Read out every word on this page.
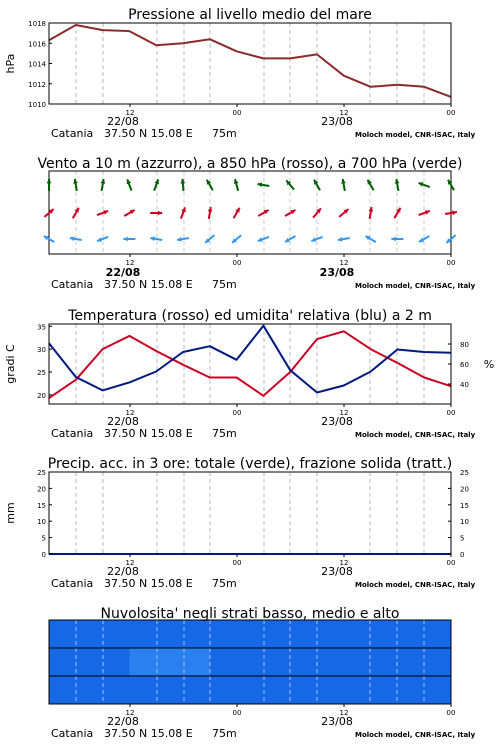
1010
1012
1014
1016
1018
hPa
Pressione al livello medio del mare
12	00	12	00
22/08	23/08
Catania 37.50 N 15.08 E 75m	Moloch model, CNR-ISAC, Italy
Vento a 10 m (azzurro), a 850 hPa (rosso), a 700 hPa (verde)
12	00	12	00
22/08	23/08
Catania 37.50 N 15.08 E 75m	Moloch model, CNR-ISAC, Italy
20
25
30
35
40
60
80
gradi C	%
Temperatura (rosso) ed umidita' relativa (blu) a 2 m
12	00	12	00
22/08	23/08
Catania 37.50 N 15.08 E 75m	Moloch model, CNR-ISAC, Italy
0
5
10
15
20
25
0
5
10
15
20
25
mm
Precip. acc. in 3 ore: totale (verde), frazione solida (tratt.)
12	00	12	00
22/08	23/08
Catania 37.50 N 15.08 E 75m	Moloch model, CNR-ISAC, Italy
Nuvolosita' negli strati basso, medio e alto
12	00	12	00
22/08	23/08
Catania 37.50 N 15.08 E 75m	Moloch model, CNR-ISAC, Italy
